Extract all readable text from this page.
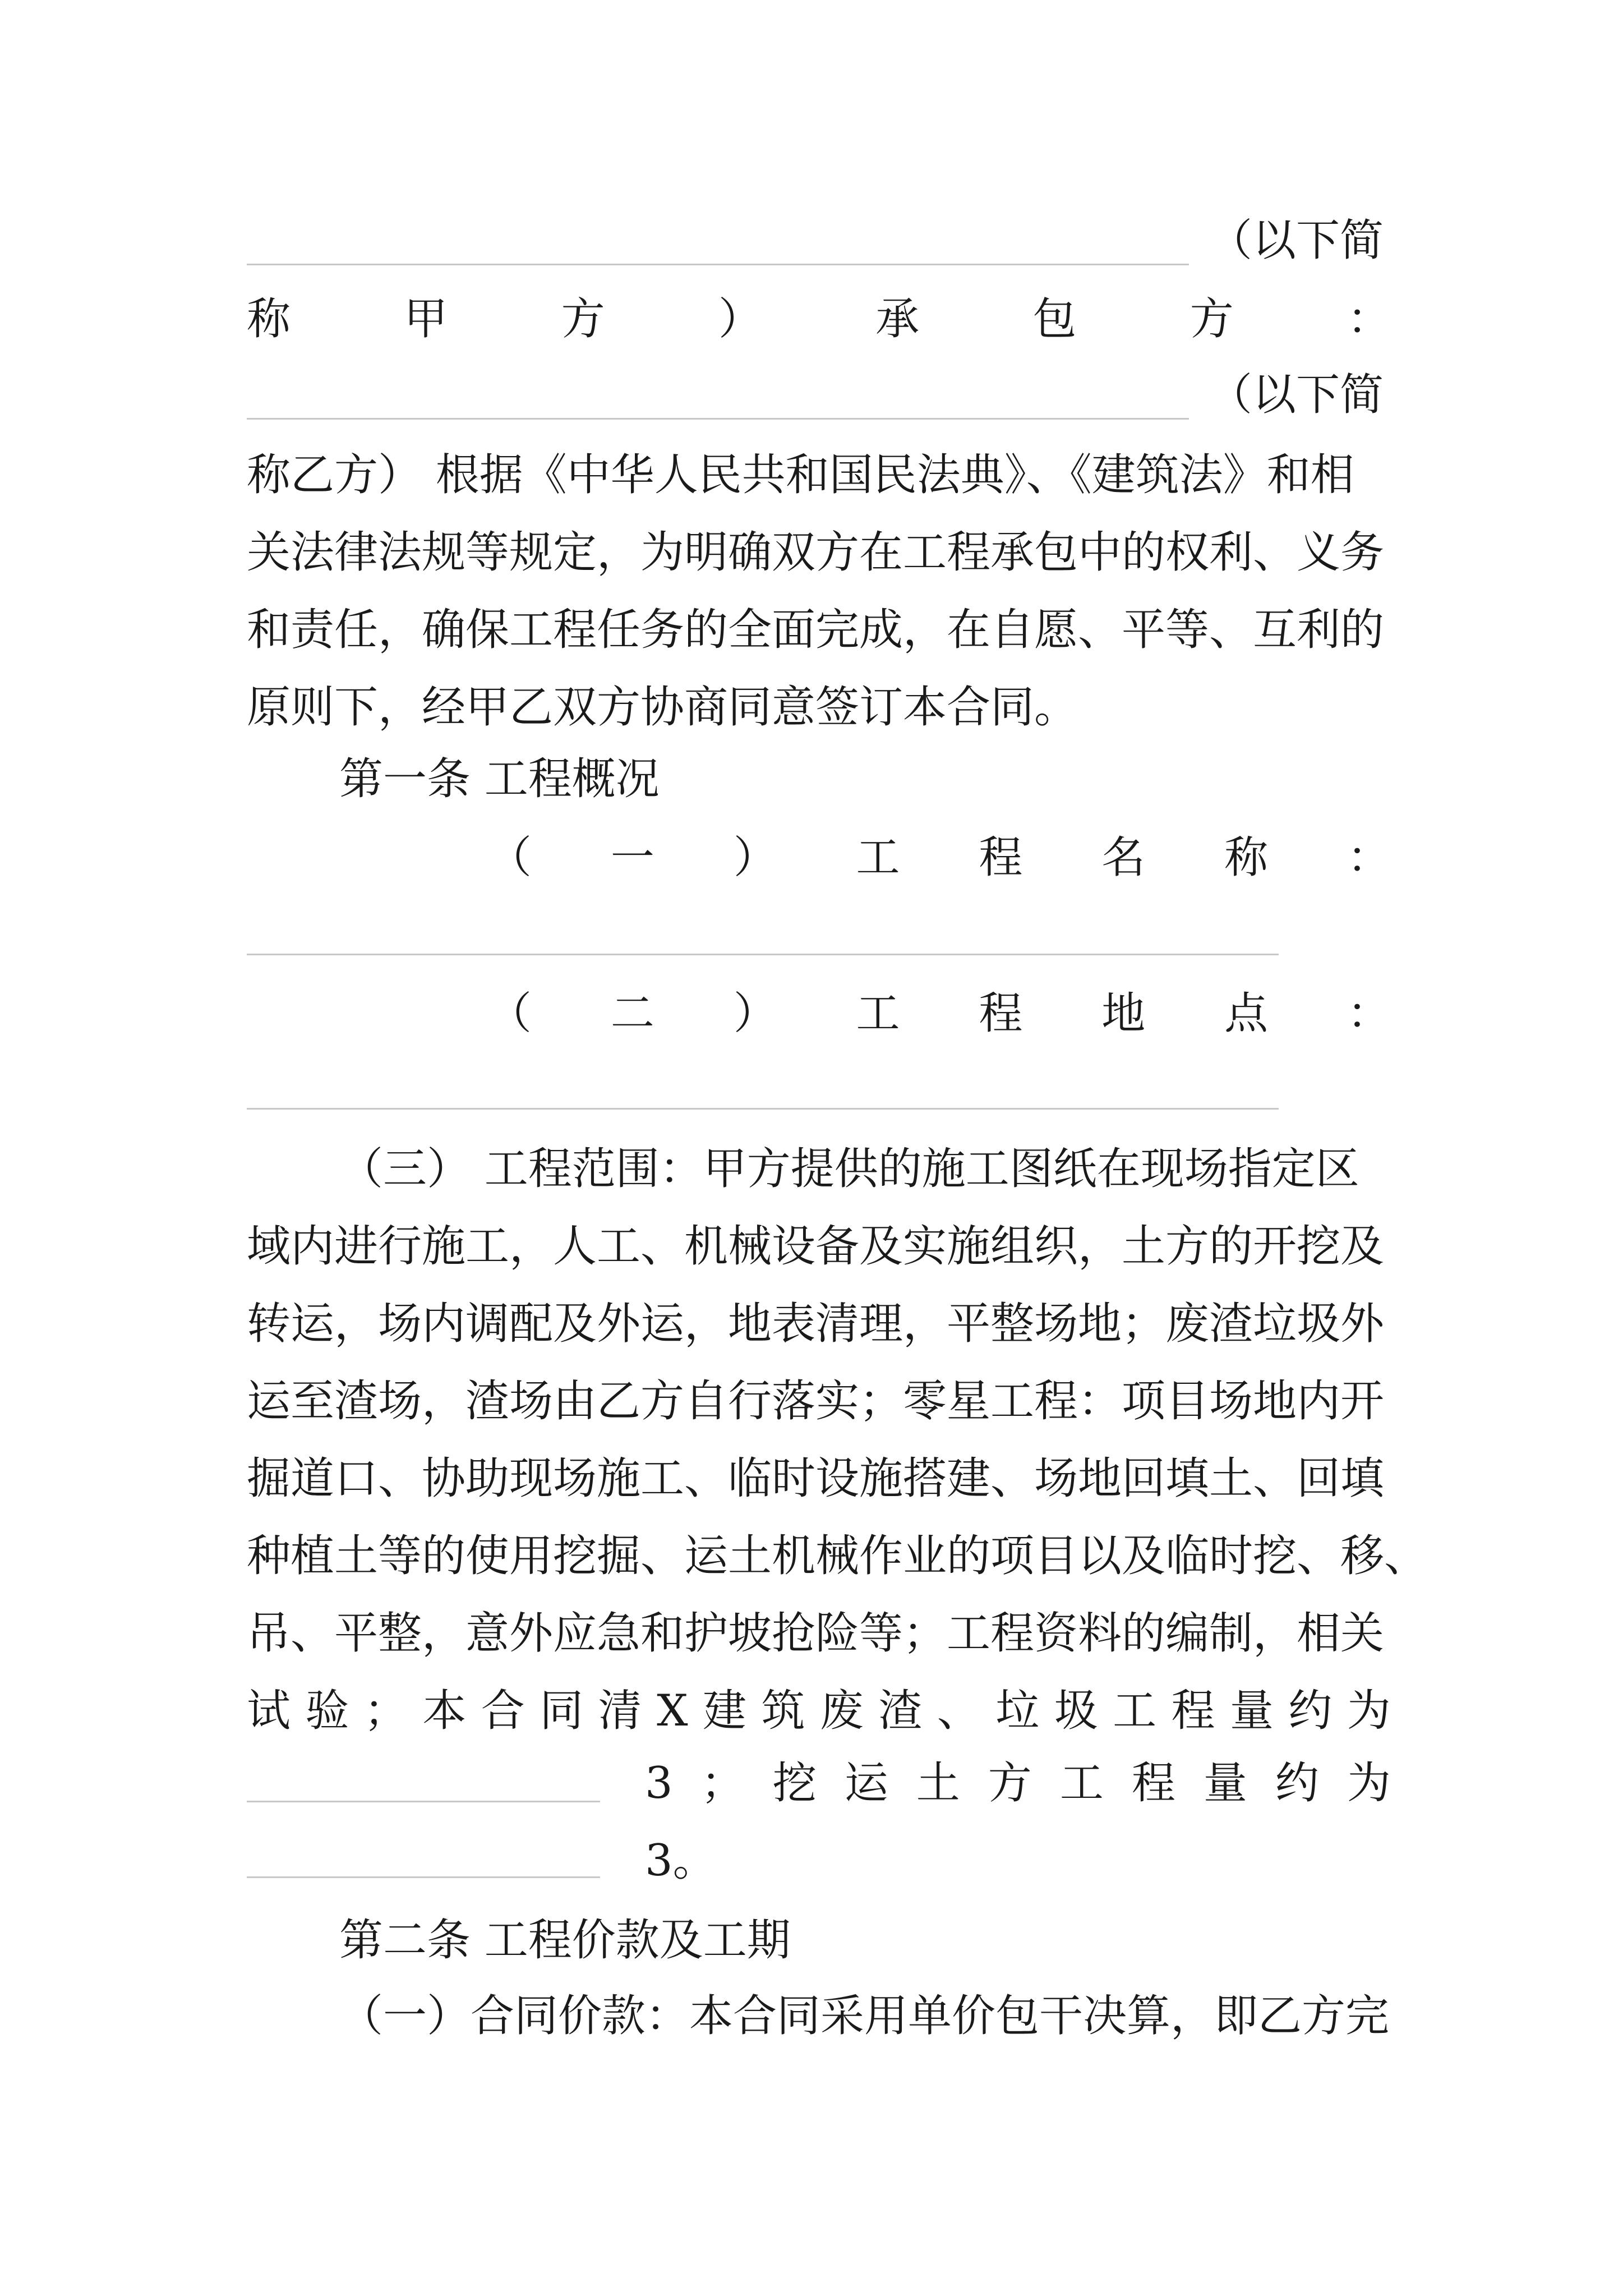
（以下简
称	甲	方	）	承	包	方	：
（以下简
称乙方） 根据《中华人民共和国民法典》、《建筑法》和相
关法律法规等规定，为明确双方在工程承包中的权利、义务
和责任，确保工程任务的全面完成，在自愿、平等、互利的
原则下，经甲乙双方协商同意签订本合同。
第一条 工程概况
（ 一 ） 工 程 名 称 ：
（ 二 ） 工 程 地 点 ：
（三） 工程范围：甲方提供的施工图纸在现场指定区
域内进行施工，人工、机械设备及实施组织，土方的开挖及
转运，场内调配及外运，地表清理，平整场地；废渣垃圾外
运至渣场，渣场由乙方自行落实；零星工程：项目场地内开
掘道口、协助现场施工、临时设施搭建、场地回填土、回填
种植土等的使用挖掘、运土机械作业的项目以及临时挖、移、
吊、平整，意外应急和护坡抢险等；工程资料的编制，相关
试 验 ； 本 合 同 清 X 建 筑 废 渣 、 垃 圾 工 程 量 约 为
3 ； 挖 运 土 方 工 程 量 约 为
3。
第二条 工程价款及工期
（一）合同价款：本合同采用单价包干决算，即乙方完
